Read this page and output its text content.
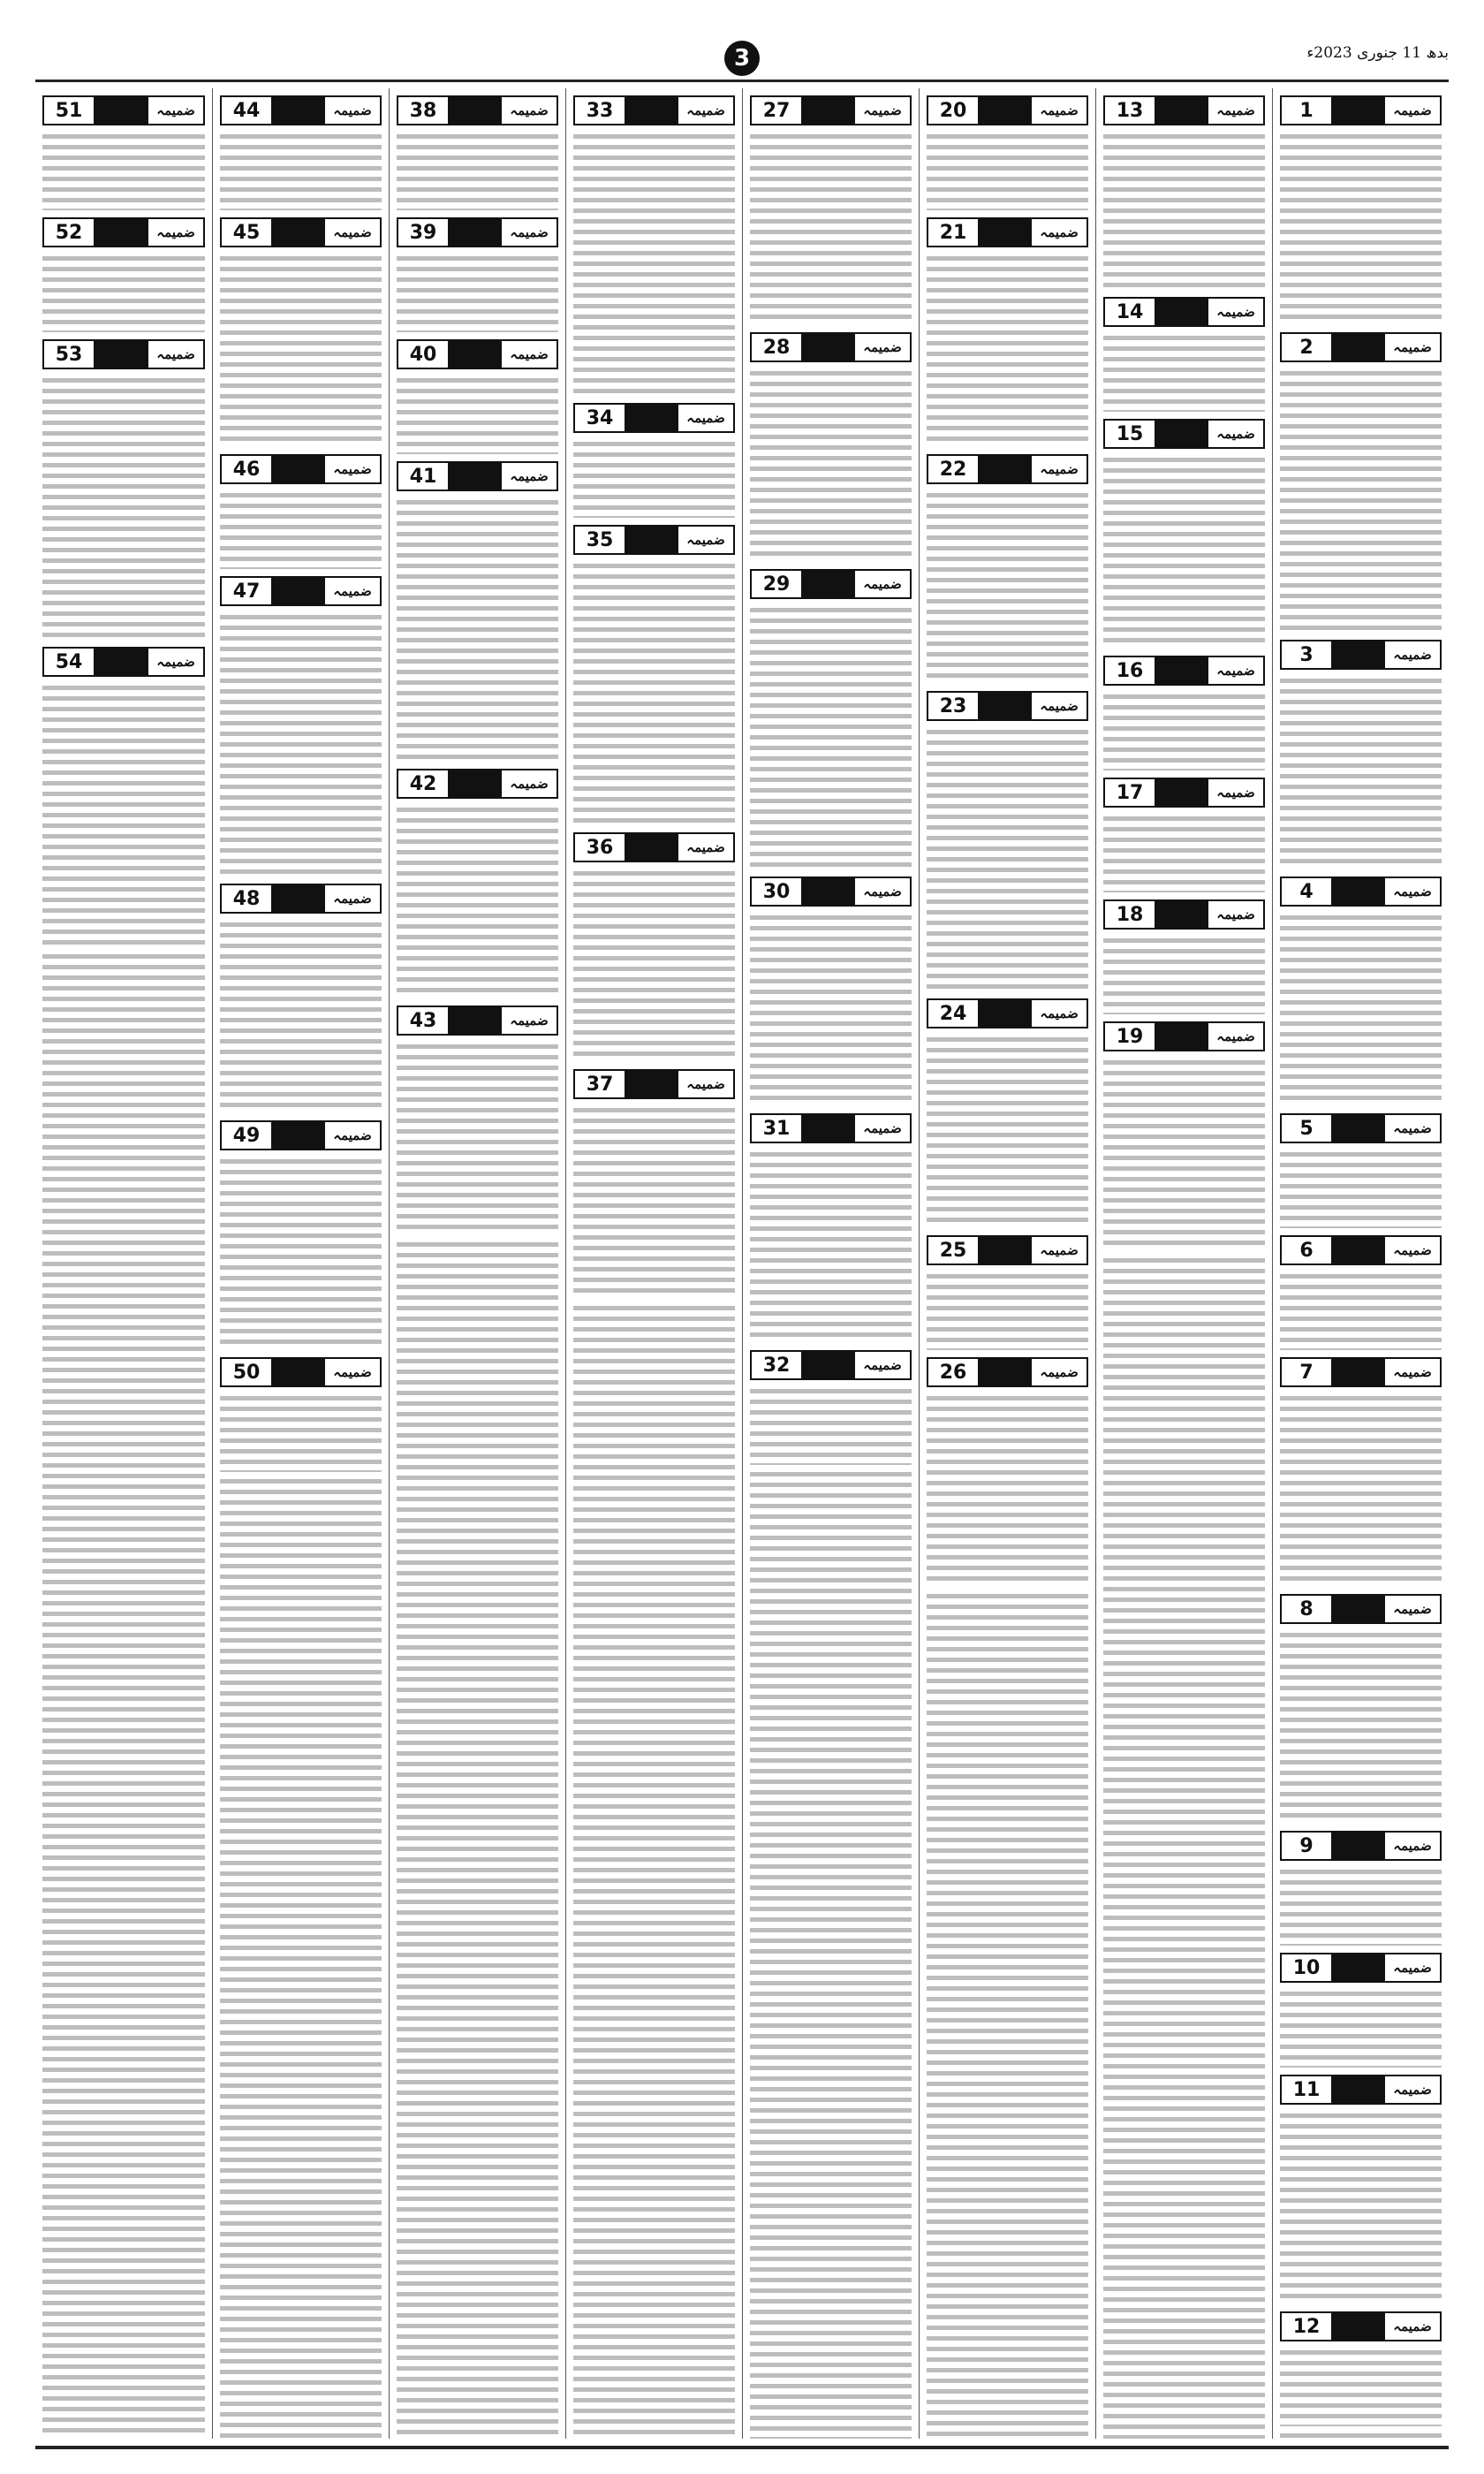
3	بدھ 11 جنوری 2023ء
1	ضمیمہ
2	ضمیمہ
3	ضمیمہ
4	ضمیمہ
5	ضمیمہ
6	ضمیمہ
7	ضمیمہ
8	ضمیمہ
9	ضمیمہ
10	ضمیمہ
11	ضمیمہ
12	ضمیمہ
13	ضمیمہ
14	ضمیمہ
15	ضمیمہ
16	ضمیمہ
17	ضمیمہ
18	ضمیمہ
19	ضمیمہ
20	ضمیمہ
21	ضمیمہ
22	ضمیمہ
23	ضمیمہ
24	ضمیمہ
25	ضمیمہ
26	ضمیمہ
27	ضمیمہ
28	ضمیمہ
29	ضمیمہ
30	ضمیمہ
31	ضمیمہ
32	ضمیمہ
33	ضمیمہ
34	ضمیمہ
35	ضمیمہ
36	ضمیمہ
37	ضمیمہ
38	ضمیمہ
39	ضمیمہ
40	ضمیمہ
41	ضمیمہ
42	ضمیمہ
43	ضمیمہ
44	ضمیمہ
45	ضمیمہ
46	ضمیمہ
47	ضمیمہ
48	ضمیمہ
49	ضمیمہ
50	ضمیمہ
51	ضمیمہ
52	ضمیمہ
53	ضمیمہ
54	ضمیمہ
